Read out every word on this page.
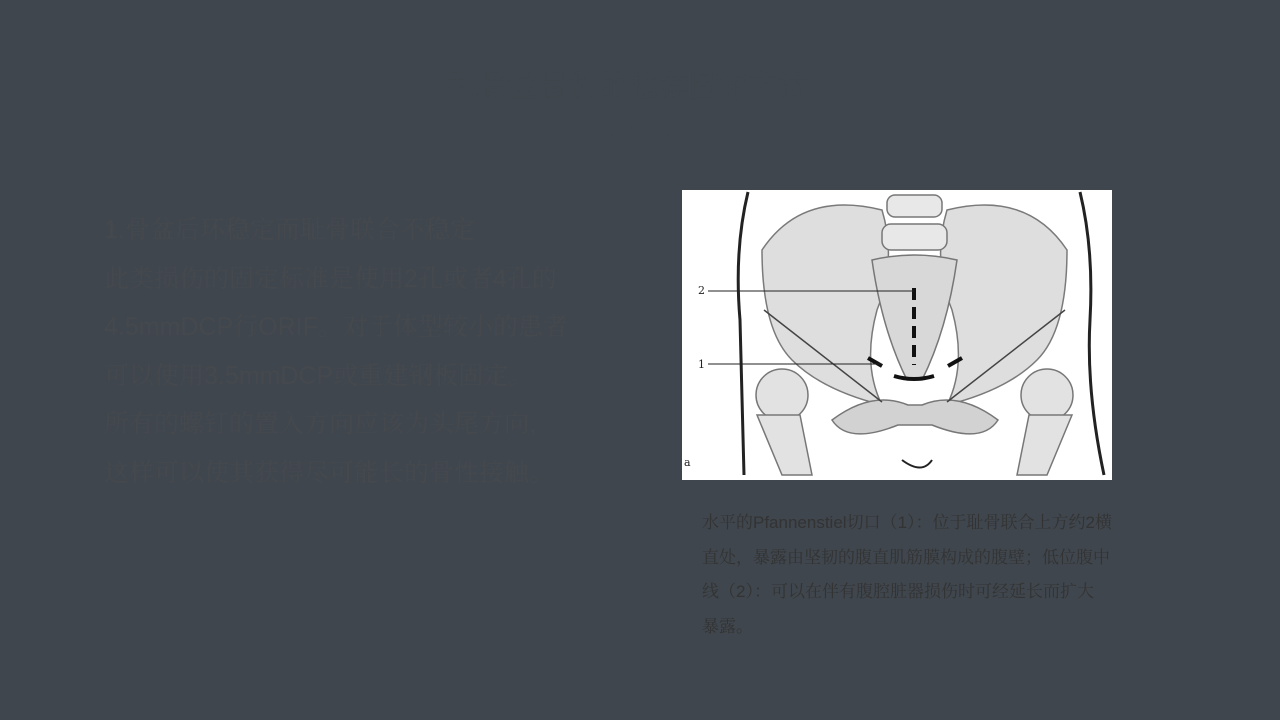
六.骨盆骨折的推荐固定方法
1.骨盆后环稳定而耻骨联合不稳定
此类损伤的固定标准是使用2孔或者4孔的
4.5mmDCP行ORIF。对于体型较小的患者
可以使用3.5mmDCP或重建钢板固定。
所有的螺钉的置入方向应该为头尾方向，
这样可以使其获得尽可能长的骨性接触。
2
1
a
水平的Pfannenstiel切口（1）：位于耻骨联合上方约2横
直处，暴露由坚韧的腹直肌筋膜构成的腹壁；低位腹中
线（2）：可以在伴有腹腔脏器损伤时可经延长而扩大
暴露。
